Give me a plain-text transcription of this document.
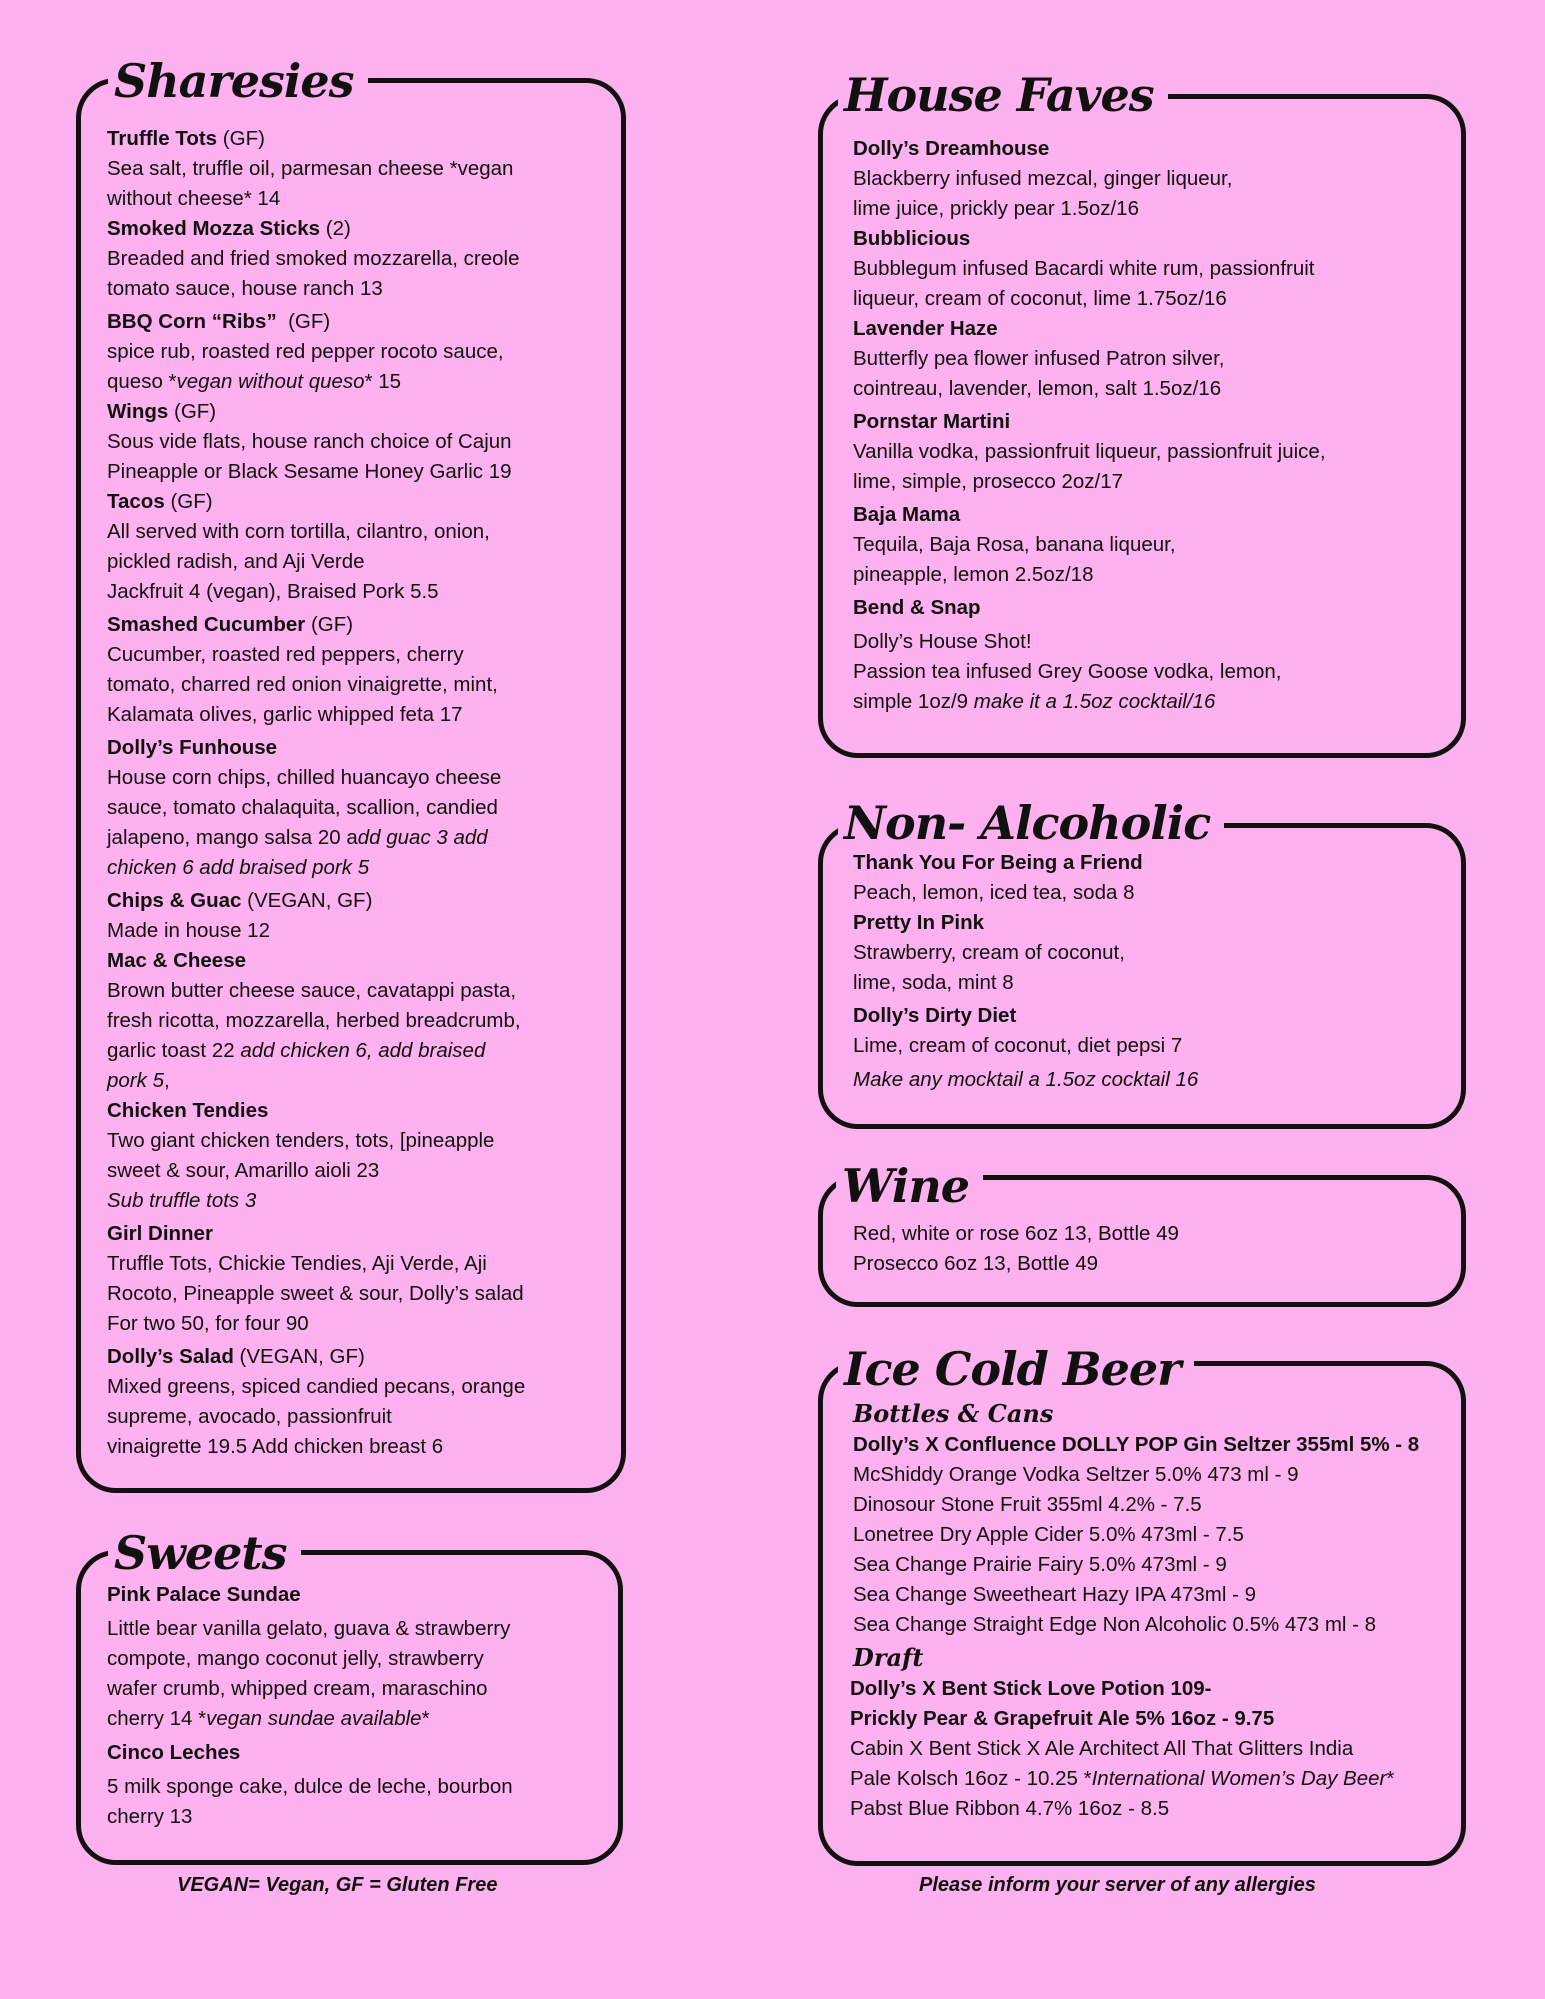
Sharesies
Truffle Tots (GF)
Sea salt, truffle oil, parmesan cheese *vegan
without cheese* 14
Smoked Mozza Sticks (2)
Breaded and fried smoked mozzarella, creole
tomato sauce, house ranch 13
BBQ Corn “Ribs” (GF)
spice rub, roasted red pepper rocoto sauce,
queso *vegan without queso* 15
Wings (GF)
Sous vide flats, house ranch choice of Cajun
Pineapple or Black Sesame Honey Garlic 19
Tacos (GF)
All served with corn tortilla, cilantro, onion,
pickled radish, and Aji Verde
Jackfruit 4 (vegan), Braised Pork 5.5
Smashed Cucumber (GF)
Cucumber, roasted red peppers, cherry
tomato, charred red onion vinaigrette, mint,
Kalamata olives, garlic whipped feta 17
Dolly’s Funhouse
House corn chips, chilled huancayo cheese
sauce, tomato chalaquita, scallion, candied
jalapeno, mango salsa 20 add guac 3 add
chicken 6 add braised pork 5
Chips & Guac (VEGAN, GF)
Made in house 12
Mac & Cheese
Brown butter cheese sauce, cavatappi pasta,
fresh ricotta, mozzarella, herbed breadcrumb,
garlic toast 22 add chicken 6, add braised
pork 5,
Chicken Tendies
Two giant chicken tenders, tots, [pineapple
sweet & sour, Amarillo aioli 23
Sub truffle tots 3
Girl Dinner
Truffle Tots, Chickie Tendies, Aji Verde, Aji
Rocoto, Pineapple sweet & sour, Dolly’s salad
For two 50, for four 90
Dolly’s Salad (VEGAN, GF)
Mixed greens, spiced candied pecans, orange
supreme, avocado, passionfruit
vinaigrette 19.5 Add chicken breast 6
Sweets
Pink Palace Sundae
Little bear vanilla gelato, guava & strawberry
compote, mango coconut jelly, strawberry
wafer crumb, whipped cream, maraschino
cherry 14 *vegan sundae available*
Cinco Leches
5 milk sponge cake, dulce de leche, bourbon
cherry 13
VEGAN= Vegan, GF = Gluten Free
House Faves
Dolly’s Dreamhouse
Blackberry infused mezcal, ginger liqueur,
lime juice, prickly pear 1.5oz/16
Bubblicious
Bubblegum infused Bacardi white rum, passionfruit
liqueur, cream of coconut, lime 1.75oz/16
Lavender Haze
Butterfly pea flower infused Patron silver,
cointreau, lavender, lemon, salt 1.5oz/16
Pornstar Martini
Vanilla vodka, passionfruit liqueur, passionfruit juice,
lime, simple, prosecco 2oz/17
Baja Mama
Tequila, Baja Rosa, banana liqueur,
pineapple, lemon 2.5oz/18
Bend & Snap
Dolly’s House Shot!
Passion tea infused Grey Goose vodka, lemon,
simple 1oz/9 make it a 1.5oz cocktail/16
Non- Alcoholic
Thank You For Being a Friend
Peach, lemon, iced tea, soda 8
Pretty In Pink
Strawberry, cream of coconut,
lime, soda, mint 8
Dolly’s Dirty Diet
Lime, cream of coconut, diet pepsi 7
Make any mocktail a 1.5oz cocktail 16
Wine
Red, white or rose 6oz 13, Bottle 49
Prosecco 6oz 13, Bottle 49
Ice Cold Beer
Bottles & Cans
Dolly’s X Confluence DOLLY POP Gin Seltzer 355ml 5% - 8
McShiddy Orange Vodka Seltzer 5.0% 473 ml - 9
Dinosour Stone Fruit 355ml 4.2% - 7.5
Lonetree Dry Apple Cider 5.0% 473ml - 7.5
Sea Change Prairie Fairy 5.0% 473ml - 9
Sea Change Sweetheart Hazy IPA 473ml - 9
Sea Change Straight Edge Non Alcoholic 0.5% 473 ml - 8
Draft
Dolly’s X Bent Stick Love Potion 109-
Prickly Pear & Grapefruit Ale 5% 16oz - 9.75
Cabin X Bent Stick X Ale Architect All That Glitters India
Pale Kolsch 16oz - 10.25 *International Women’s Day Beer*
Pabst Blue Ribbon 4.7% 16oz - 8.5
Please inform your server of any allergies
